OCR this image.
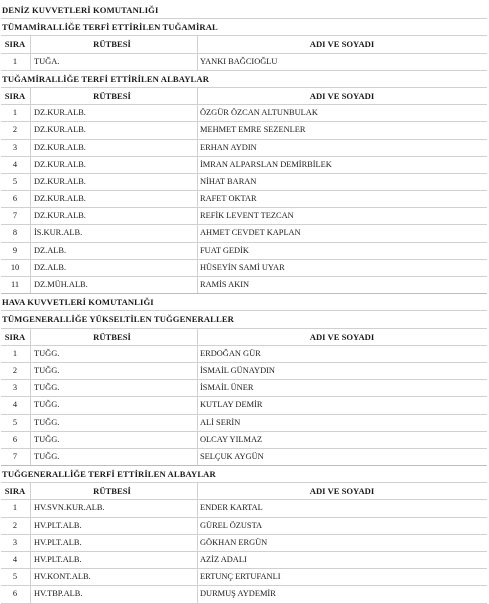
DENİZ KUVVETLERİ KOMUTANLIĞI
TÜMAMİRALLİĞE TERFİ ETTİRİLEN TUĞAMİRAL
SIRA	RÜTBESİ	ADI VE SOYADI
1	TUĞA.	YANKI BAĞCIOĞLU
TUĞAMİRALLİĞE TERFİ ETTİRİLEN ALBAYLAR
SIRA	RÜTBESİ	ADI VE SOYADI
1	DZ.KUR.ALB.	ÖZGÜR ÖZCAN ALTUNBULAK
2	DZ.KUR.ALB.	MEHMET EMRE SEZENLER
3	DZ.KUR.ALB.	ERHAN AYDIN
4	DZ.KUR.ALB.	İMRAN ALPARSLAN DEMİRBİLEK
5	DZ.KUR.ALB.	NİHAT BARAN
6	DZ.KUR.ALB.	RAFET OKTAR
7	DZ.KUR.ALB.	REFİK LEVENT TEZCAN
8	İS.KUR.ALB.	AHMET CEVDET KAPLAN
9	DZ.ALB.	FUAT GEDİK
10	DZ.ALB.	HÜSEYİN SAMİ UYAR
11	DZ.MÜH.ALB.	RAMİS AKIN
HAVA KUVVETLERİ KOMUTANLIĞI
TÜMGENERALLİĞE YÜKSELTİLEN TUĞGENERALLER
SIRA	RÜTBESİ	ADI VE SOYADI
1	TUĞG.	ERDOĞAN GÜR
2	TUĞG.	İSMAİL GÜNAYDIN
3	TUĞG.	İSMAİL ÜNER
4	TUĞG.	KUTLAY DEMİR
5	TUĞG.	ALİ SERİN
6	TUĞG.	OLCAY YILMAZ
7	TUĞG.	SELÇUK AYGÜN
TUĞGENERALLİĞE TERFİ ETTİRİLEN ALBAYLAR
SIRA	RÜTBESİ	ADI VE SOYADI
1	HV.SVN.KUR.ALB.	ENDER KARTAL
2	HV.PLT.ALB.	GÜREL ÖZUSTA
3	HV.PLT.ALB.	GÖKHAN ERGÜN
4	HV.PLT.ALB.	AZİZ ADALI
5	HV.KONT.ALB.	ERTUNÇ ERTUFANLI
6	HV.TBP.ALB.	DURMUŞ AYDEMİR
